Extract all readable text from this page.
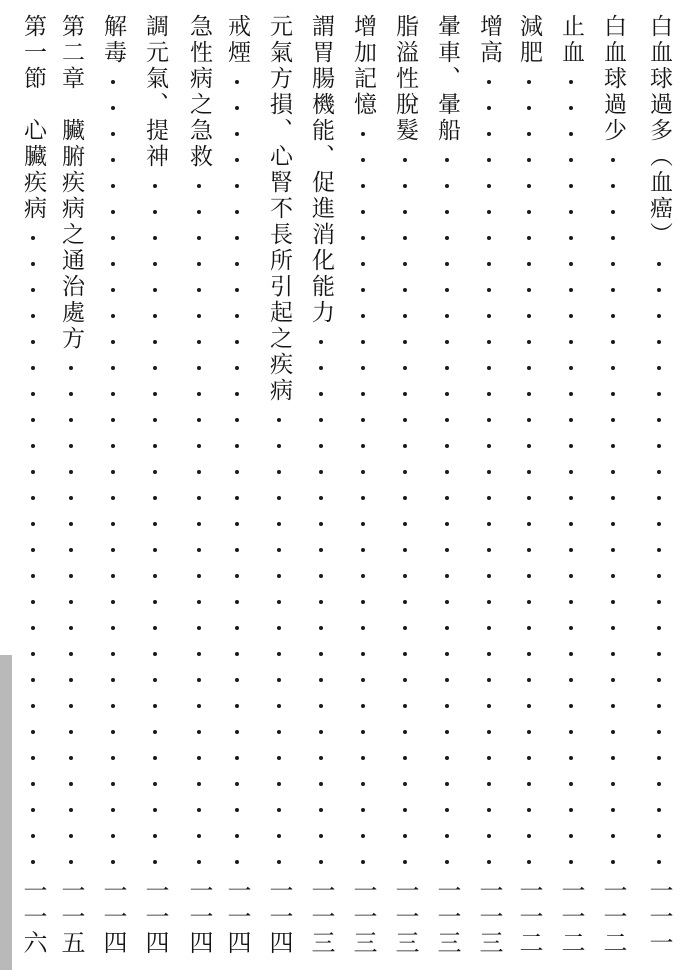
白血球過多（血癌）
一一一
白血球過少
一一二
止血
一一二
減肥
一一二
增高
一一三
暈車、暈船
一一三
脂溢性脫髮
一一三
增加記憶
一一三
謂胃腸機能、促進消化能力
一一三
元氣方損、心腎不長所引起之疾病
一一四
戒煙
一一四
急性病之急救
一一四
調元氣、提神
一一四
解毒
一一四
第二章　臟腑疾病之通治處方
一一五
第一節　心臟疾病
一一六
